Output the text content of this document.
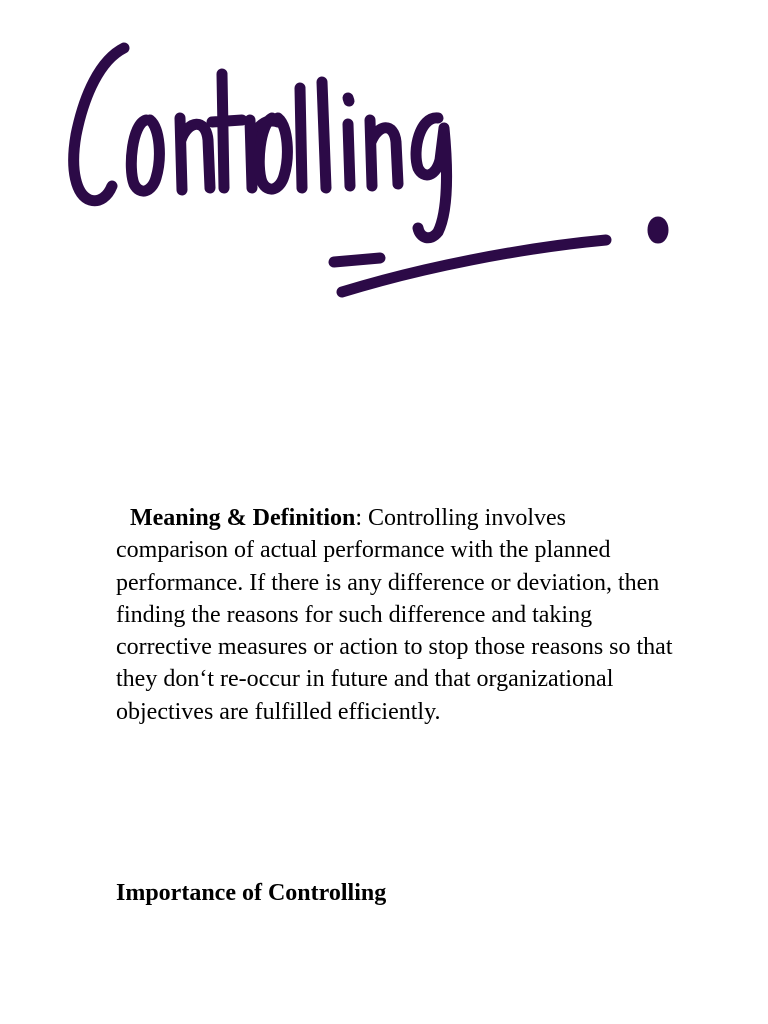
Meaning & Definition: Controlling involves comparison of actual performance with the planned performance. If there is any difference or deviation, then finding the reasons for such difference and taking corrective measures or action to stop those reasons so that they don‘t re-occur in future and that organizational objectives are fulfilled efficiently.

Importance of Controlling
